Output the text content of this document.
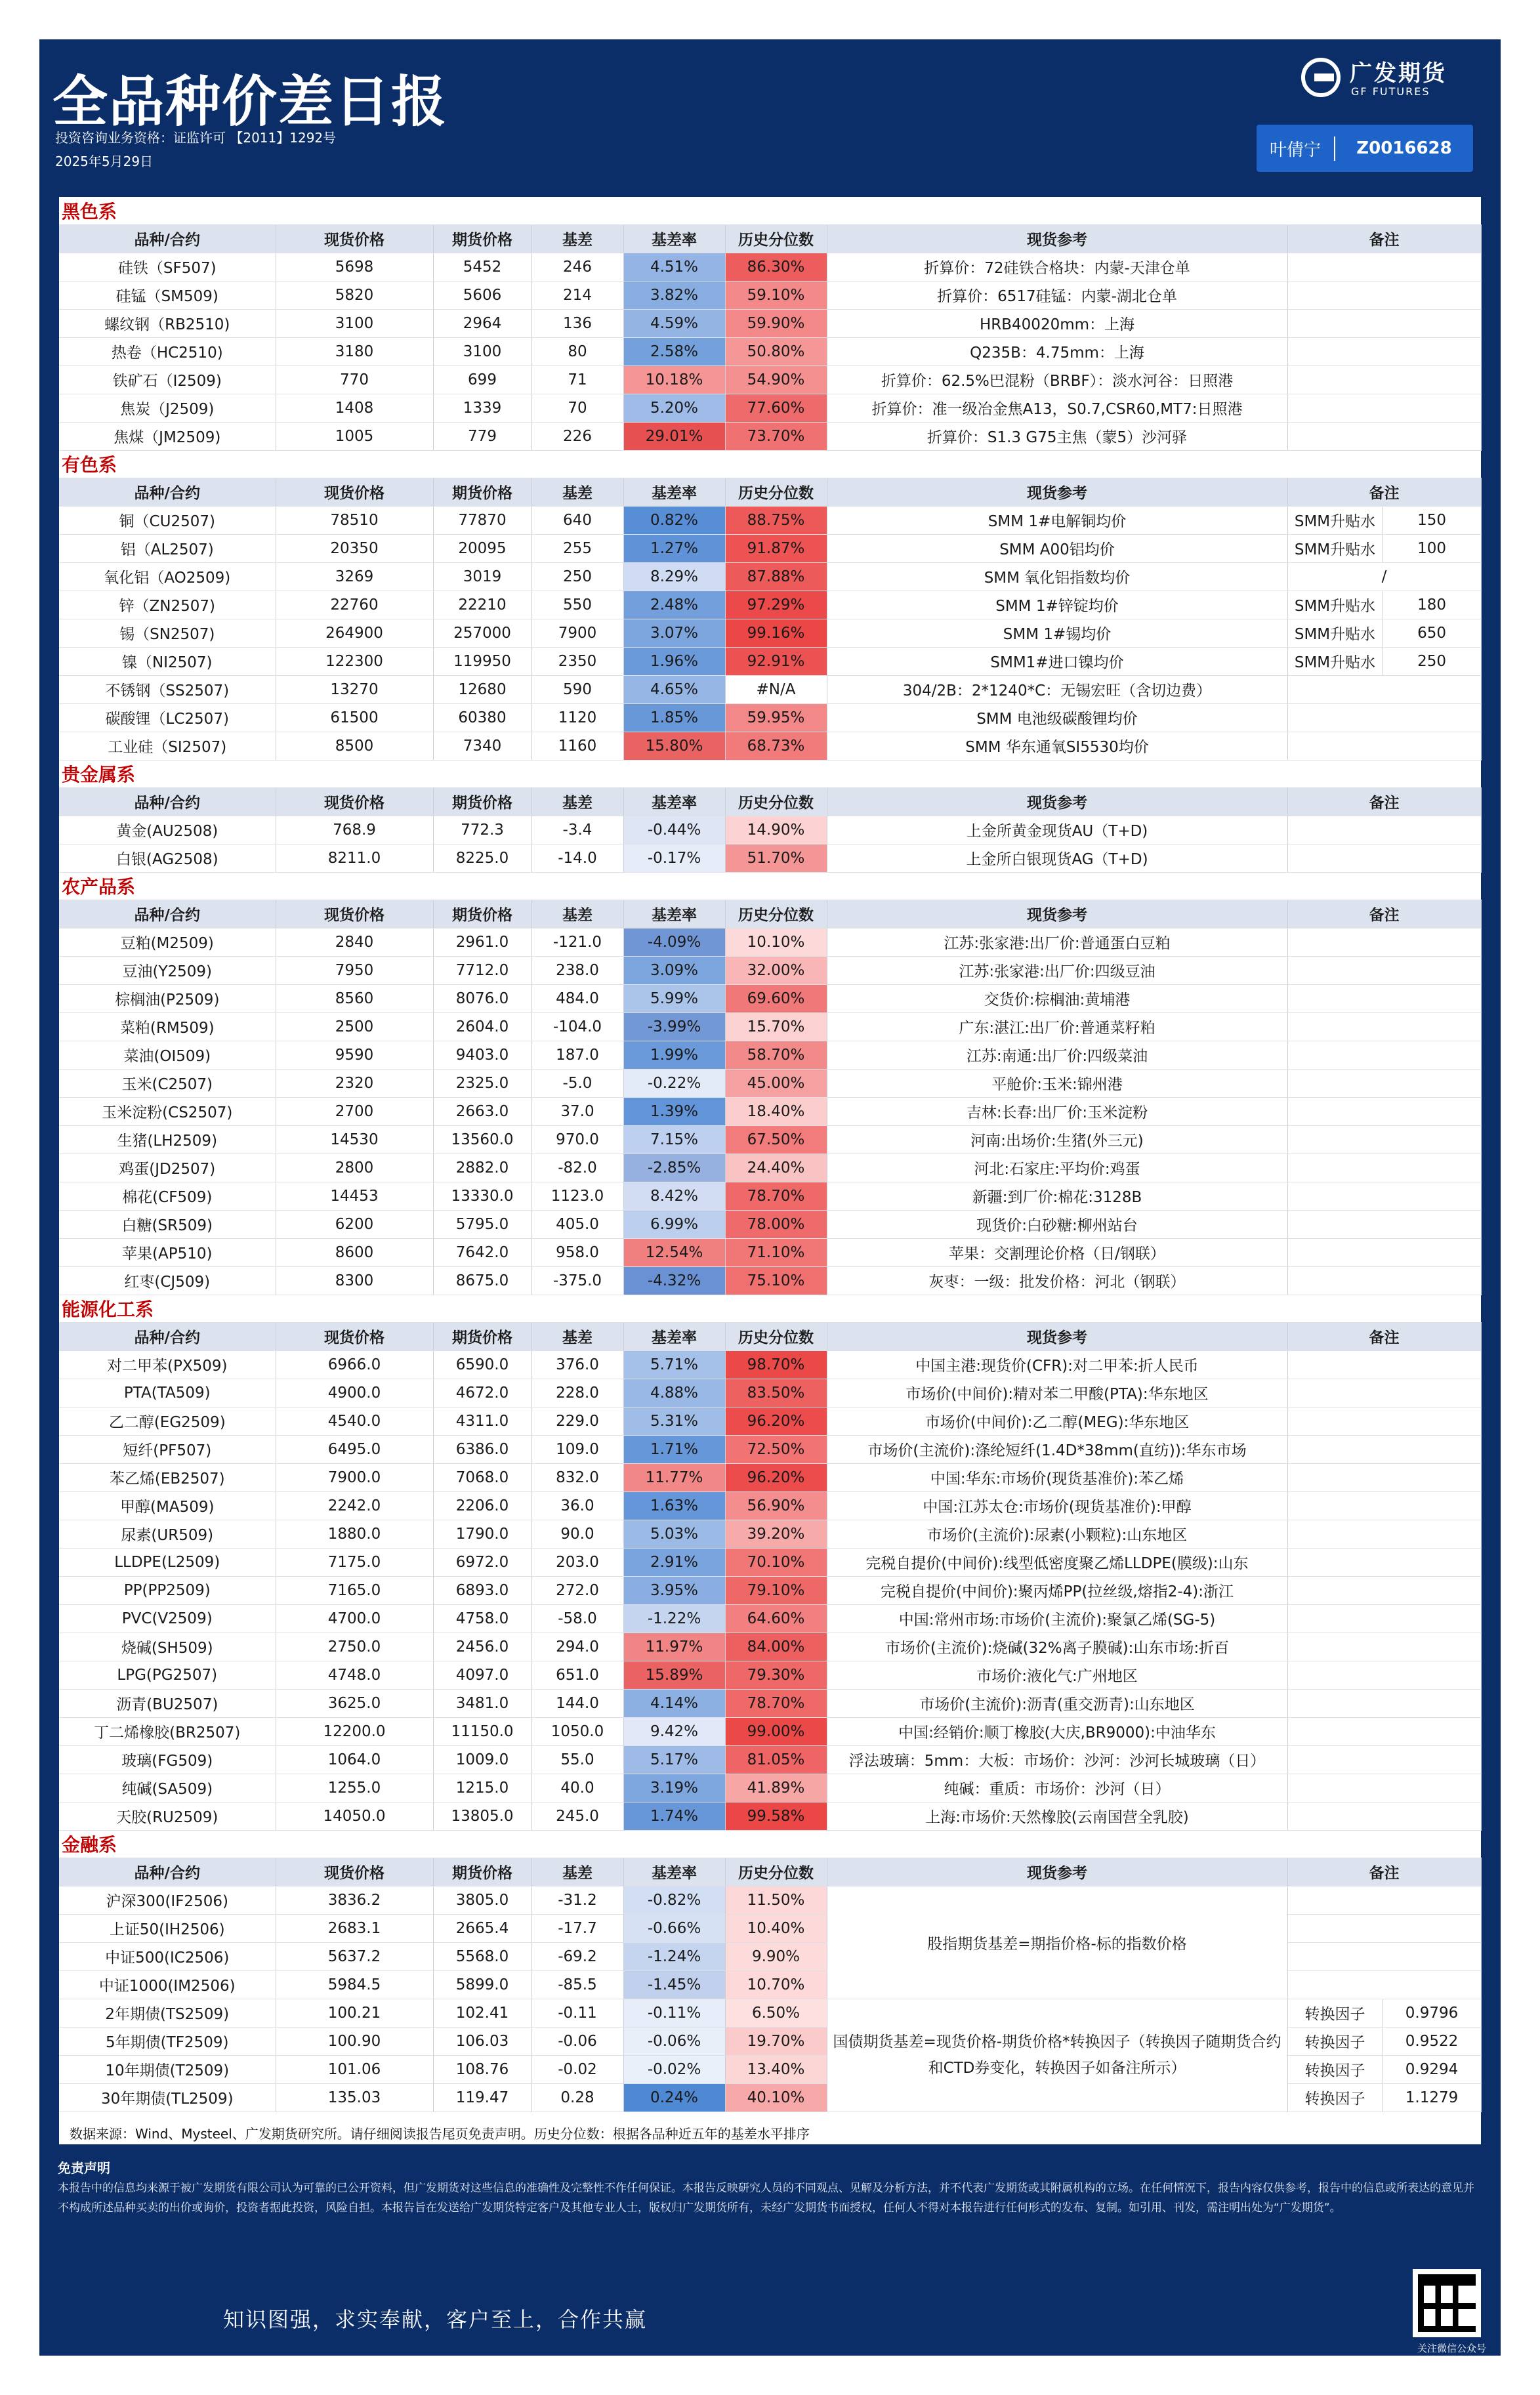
全品种价差日报
投资咨询业务资格：证监许可 【2011】1292号
2025年5月29日
广发期货
GF FUTURES
叶倩宁	Z0016628
黑色系								
品种/合约	现货价格	期货价格	基差	基差率	历史分位数	现货参考	备注	
硅铁（SF507)	5698	5452	246	4.51%	86.30%	折算价：72硅铁合格块：内蒙-天津仓单		
硅锰（SM509)	5820	5606	214	3.82%	59.10%	折算价：6517硅锰：内蒙-湖北仓单		
螺纹钢（RB2510)	3100	2964	136	4.59%	59.90%	HRB40020mm：上海		
热卷（HC2510)	3180	3100	80	2.58%	50.80%	Q235B：4.75mm：上海		
铁矿石（I2509)	770	699	71	10.18%	54.90%	折算价：62.5%巴混粉（BRBF）：淡水河谷：日照港		
焦炭（J2509)	1408	1339	70	5.20%	77.60%	折算价：准一级冶金焦A13，S0.7,CSR60,MT7:日照港		
焦煤（JM2509)	1005	779	226	29.01%	73.70%	折算价：S1.3 G75主焦（蒙5）沙河驿		
有色系								
品种/合约	现货价格	期货价格	基差	基差率	历史分位数	现货参考	备注	
铜（CU2507)	78510	77870	640	0.82%	88.75%	SMM 1#电解铜均价	SMM升贴水	150
铝（AL2507)	20350	20095	255	1.27%	91.87%	SMM A00铝均价	SMM升贴水	100
氧化铝（AO2509)	3269	3019	250	8.29%	87.88%	SMM 氧化铝指数均价	/	
锌（ZN2507)	22760	22210	550	2.48%	97.29%	SMM 1#锌锭均价	SMM升贴水	180
锡（SN2507)	264900	257000	7900	3.07%	99.16%	SMM 1#锡均价	SMM升贴水	650
镍（NI2507)	122300	119950	2350	1.96%	92.91%	SMM1#进口镍均价	SMM升贴水	250
不锈钢（SS2507)	13270	12680	590	4.65%	#N/A	304/2B：2*1240*C：无锡宏旺（含切边费）		
碳酸锂（LC2507)	61500	60380	1120	1.85%	59.95%	SMM 电池级碳酸锂均价		
工业硅（SI2507)	8500	7340	1160	15.80%	68.73%	SMM 华东通氧SI5530均价		
贵金属系								
品种/合约	现货价格	期货价格	基差	基差率	历史分位数	现货参考	备注	
黄金(AU2508)	768.9	772.3	-3.4	-0.44%	14.90%	上金所黄金现货AU（T+D)		
白银(AG2508)	8211.0	8225.0	-14.0	-0.17%	51.70%	上金所白银现货AG（T+D)		
农产品系								
品种/合约	现货价格	期货价格	基差	基差率	历史分位数	现货参考	备注	
豆粕(M2509)	2840	2961.0	-121.0	-4.09%	10.10%	江苏:张家港:出厂价:普通蛋白豆粕		
豆油(Y2509)	7950	7712.0	238.0	3.09%	32.00%	江苏:张家港:出厂价:四级豆油		
棕榈油(P2509)	8560	8076.0	484.0	5.99%	69.60%	交货价:棕榈油:黄埔港		
菜粕(RM509)	2500	2604.0	-104.0	-3.99%	15.70%	广东:湛江:出厂价:普通菜籽粕		
菜油(OI509)	9590	9403.0	187.0	1.99%	58.70%	江苏:南通:出厂价:四级菜油		
玉米(C2507)	2320	2325.0	-5.0	-0.22%	45.00%	平舱价:玉米:锦州港		
玉米淀粉(CS2507)	2700	2663.0	37.0	1.39%	18.40%	吉林:长春:出厂价:玉米淀粉		
生猪(LH2509)	14530	13560.0	970.0	7.15%	67.50%	河南:出场价:生猪(外三元)		
鸡蛋(JD2507)	2800	2882.0	-82.0	-2.85%	24.40%	河北:石家庄:平均价:鸡蛋		
棉花(CF509)	14453	13330.0	1123.0	8.42%	78.70%	新疆:到厂价:棉花:3128B		
白糖(SR509)	6200	5795.0	405.0	6.99%	78.00%	现货价:白砂糖:柳州站台		
苹果(AP510)	8600	7642.0	958.0	12.54%	71.10%	苹果：交割理论价格（日/钢联）		
红枣(CJ509)	8300	8675.0	-375.0	-4.32%	75.10%	灰枣：一级：批发价格：河北（钢联）		
能源化工系								
品种/合约	现货价格	期货价格	基差	基差率	历史分位数	现货参考	备注	
对二甲苯(PX509)	6966.0	6590.0	376.0	5.71%	98.70%	中国主港:现货价(CFR):对二甲苯:折人民币		
PTA(TA509)	4900.0	4672.0	228.0	4.88%	83.50%	市场价(中间价):精对苯二甲酸(PTA):华东地区		
乙二醇(EG2509)	4540.0	4311.0	229.0	5.31%	96.20%	市场价(中间价):乙二醇(MEG):华东地区		
短纤(PF507)	6495.0	6386.0	109.0	1.71%	72.50%	市场价(主流价):涤纶短纤(1.4D*38mm(直纺)):华东市场		
苯乙烯(EB2507)	7900.0	7068.0	832.0	11.77%	96.20%	中国:华东:市场价(现货基准价):苯乙烯		
甲醇(MA509)	2242.0	2206.0	36.0	1.63%	56.90%	中国:江苏太仓:市场价(现货基准价):甲醇		
尿素(UR509)	1880.0	1790.0	90.0	5.03%	39.20%	市场价(主流价):尿素(小颗粒):山东地区		
LLDPE(L2509)	7175.0	6972.0	203.0	2.91%	70.10%	完税自提价(中间价):线型低密度聚乙烯LLDPE(膜级):山东		
PP(PP2509)	7165.0	6893.0	272.0	3.95%	79.10%	完税自提价(中间价):聚丙烯PP(拉丝级,熔指2-4):浙江		
PVC(V2509)	4700.0	4758.0	-58.0	-1.22%	64.60%	中国:常州市场:市场价(主流价):聚氯乙烯(SG-5)		
烧碱(SH509)	2750.0	2456.0	294.0	11.97%	84.00%	市场价(主流价):烧碱(32%离子膜碱):山东市场:折百		
LPG(PG2507)	4748.0	4097.0	651.0	15.89%	79.30%	市场价:液化气:广州地区		
沥青(BU2507)	3625.0	3481.0	144.0	4.14%	78.70%	市场价(主流价):沥青(重交沥青):山东地区		
丁二烯橡胶(BR2507)	12200.0	11150.0	1050.0	9.42%	99.00%	中国:经销价:顺丁橡胶(大庆,BR9000):中油华东		
玻璃(FG509)	1064.0	1009.0	55.0	5.17%	81.05%	浮法玻璃：5mm：大板：市场价：沙河：沙河长城玻璃（日）		
纯碱(SA509)	1255.0	1215.0	40.0	3.19%	41.89%	纯碱：重质：市场价：沙河（日）		
天胶(RU2509)	14050.0	13805.0	245.0	1.74%	99.58%	上海:市场价:天然橡胶(云南国营全乳胶)		
金融系								
品种/合约	现货价格	期货价格	基差	基差率	历史分位数	现货参考	备注	
沪深300(IF2506)	3836.2	3805.0	-31.2	-0.82%	11.50%	股指期货基差=期指价格-标的指数价格		
上证50(IH2506)	2683.1	2665.4	-17.7	-0.66%	10.40%			
中证500(IC2506)	5637.2	5568.0	-69.2	-1.24%	9.90%			
中证1000(IM2506)	5984.5	5899.0	-85.5	-1.45%	10.70%			
2年期债(TS2509)	100.21	102.41	-0.11	-0.11%	6.50%	国债期货基差=现货价格-期货价格*转换因子（转换因子随期货合约和CTD券变化，转换因子如备注所示）	转换因子	0.9796
5年期债(TF2509)	100.90	106.03	-0.06	-0.06%	19.70%		转换因子	0.9522
10年期债(T2509)	101.06	108.76	-0.02	-0.02%	13.40%		转换因子	0.9294
30年期债(TL2509)	135.03	119.47	0.28	0.24%	40.10%		转换因子	1.1279
数据来源：Wind、Mysteel、广发期货研究所。请仔细阅读报告尾页免责声明。历史分位数：根据各品种近五年的基差水平排序
免责声明
本报告中的信息均来源于被广发期货有限公司认为可靠的已公开资料，但广发期货对这些信息的准确性及完整性不作任何保证。本报告反映研究人员的不同观点、见解及分析方法，并不代表广发期货或其附属机构的立场。在任何情况下，报告内容仅供参考，报告中的信息或所表达的意见并不构成所述品种买卖的出价或询价，投资者据此投资，风险自担。本报告旨在发送给广发期货特定客户及其他专业人士，版权归广发期货所有，未经广发期货书面授权，任何人不得对本报告进行任何形式的发布、复制。如引用、刊发，需注明出处为“广发期货”。
知识图强，求实奉献，客户至上，合作共赢
关注微信公众号
